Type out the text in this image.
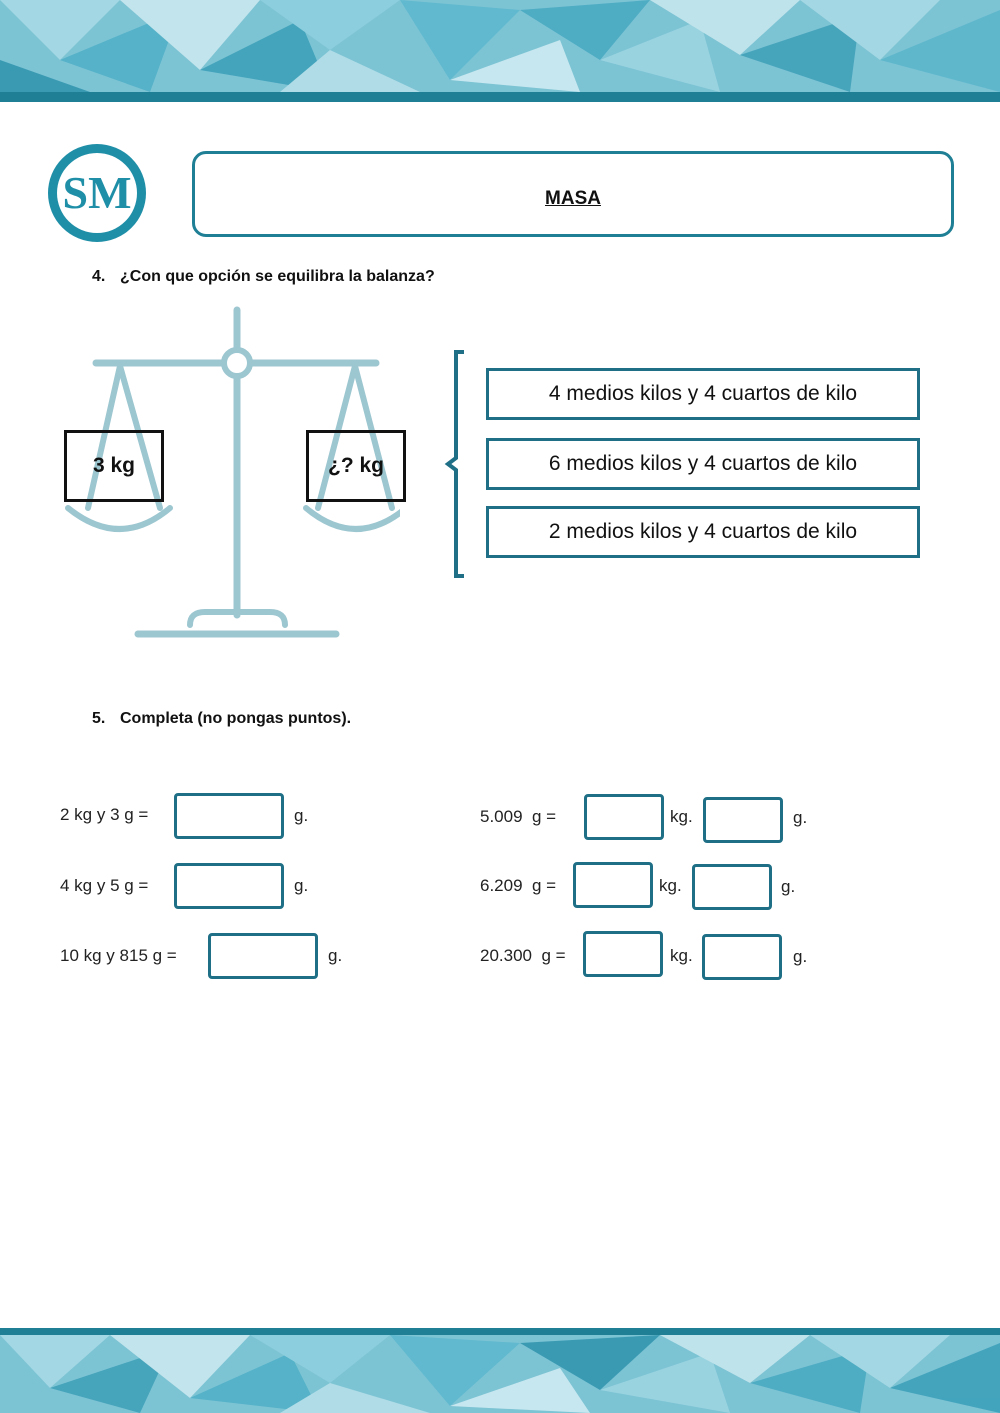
SM	MASA
4. ¿Con que opción se equilibra la balanza?
3 kg	¿? kg
4 medios kilos y 4 cuartos de kilo
6 medios kilos y 4 cuartos de kilo
2 medios kilos y 4 cuartos de kilo
5. Completa (no pongas puntos).
2 kg y 3 g =	g.
4 kg y 5 g =	g.
10 kg y 815 g =	g.
5.009  g =	kg.	g.
6.209  g =	kg.	g.
20.300  g =	kg.	g.
